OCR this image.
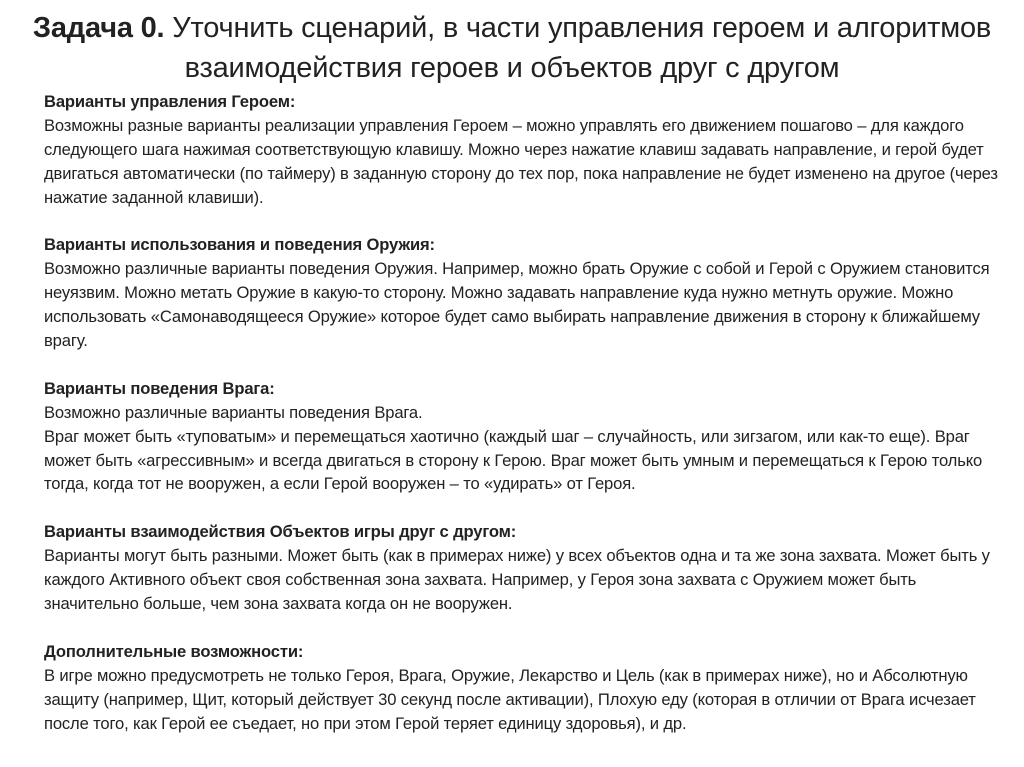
Задача 0. Уточнить сценарий, в части управления героем и алгоритмов взаимодействия героев и объектов друг с другом
Варианты управления Героем:
Возможны разные варианты реализации управления Героем – можно управлять его движением пошагово – для каждого следующего шага нажимая соответствующую клавишу. Можно через нажатие клавиш задавать направление, и герой будет двигаться автоматически (по таймеру) в заданную сторону до тех пор, пока направление не будет изменено на другое (через нажатие заданной клавиши).
Варианты использования и поведения Оружия:
Возможно различные варианты поведения Оружия. Например, можно брать Оружие с собой и Герой с Оружием становится неуязвим. Можно метать Оружие в какую-то сторону. Можно задавать направление куда нужно метнуть оружие. Можно использовать «Самонаводящееся Оружие» которое будет само выбирать направление движения в сторону к ближайшему врагу.
Варианты поведения Врага:
Возможно различные варианты поведения Врага.
Враг может быть «туповатым» и перемещаться хаотично (каждый шаг – случайность, или зигзагом, или как-то еще). Враг может быть «агрессивным» и всегда двигаться в сторону к Герою. Враг может быть умным и перемещаться к Герою только тогда, когда тот не вооружен, а если Герой вооружен – то «удирать» от Героя.
Варианты взаимодействия Объектов игры друг с другом:
Варианты могут быть разными. Может быть (как в примерах ниже) у всех объектов одна и та же зона захвата. Может быть у каждого Активного объект своя собственная зона захвата. Например, у Героя зона захвата с Оружием может быть значительно больше, чем зона захвата когда он не вооружен.
Дополнительные возможности:
В игре можно предусмотреть не только Героя, Врага, Оружие, Лекарство и Цель (как в примерах ниже), но и Абсолютную защиту (например, Щит, который действует 30 секунд после активации), Плохую еду (которая в отличии от Врага исчезает после того, как Герой ее съедает, но при этом Герой теряет единицу здоровья), и др.
